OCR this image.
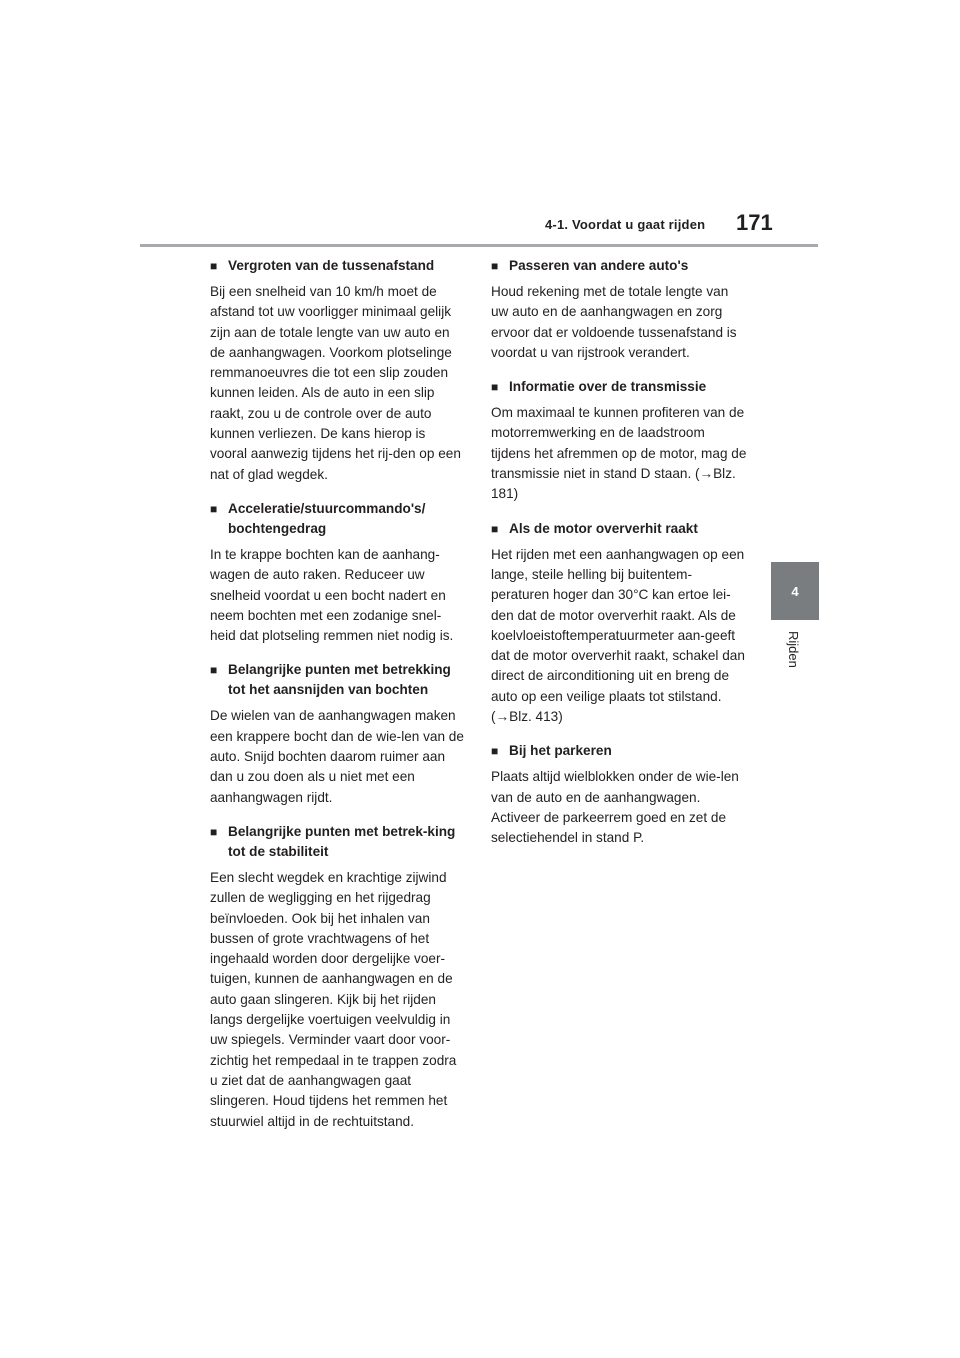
4-1. Voordat u gaat rijden 171
4
Rijden
■ Vergroten van de tussenafstand

Bij een snelheid van 10 km/h moet de afstand tot uw voorligger minimaal gelijk zijn aan de totale lengte van uw auto en de aanhangwagen. Voorkom plotselinge remmanoeuvres die tot een slip zouden kunnen leiden. Als de auto in een slip raakt, zou u de controle over de auto kunnen verliezen. De kans hierop is vooral aanwezig tijdens het rij-den op een nat of glad wegdek.

■ Acceleratie/stuurcommando's/ bochtengedrag

In te krappe bochten kan de aanhang-wagen de auto raken. Reduceer uw snelheid voordat u een bocht nadert en neem bochten met een zodanige snel-heid dat plotseling remmen niet nodig is.

■ Belangrijke punten met betrekking tot het aansnijden van bochten

De wielen van de aanhangwagen maken een krappere bocht dan de wie-len van de auto. Snijd bochten daarom ruimer aan dan u zou doen als u niet met een aanhangwagen rijdt.

■ Belangrijke punten met betrek-king tot de stabiliteit

Een slecht wegdek en krachtige zijwind zullen de wegligging en het rijgedrag beïnvloeden. Ook bij het inhalen van bussen of grote vrachtwagens of het ingehaald worden door dergelijke voer-tuigen, kunnen de aanhangwagen en de auto gaan slingeren. Kijk bij het rijden langs dergelijke voertuigen veelvuldig in uw spiegels. Verminder vaart door voor-zichtig het rempedaal in te trappen zodra u ziet dat de aanhangwagen gaat slingeren. Houd tijdens het remmen het stuurwiel altijd in de rechtuitstand.

■ Passeren van andere auto's

Houd rekening met de totale lengte van uw auto en de aanhangwagen en zorg ervoor dat er voldoende tussenafstand is voordat u van rijstrook verandert.

■ Informatie over de transmissie

Om maximaal te kunnen profiteren van de motorremwerking en de laadstroom tijdens het afremmen op de motor, mag de transmissie niet in stand D staan. (→Blz. 181)

■ Als de motor oververhit raakt

Het rijden met een aanhangwagen op een lange, steile helling bij buitentem-peraturen hoger dan 30°C kan ertoe lei-den dat de motor oververhit raakt. Als de koelvloeistoftemperatuurmeter aan-geeft dat de motor oververhit raakt, schakel dan direct de airconditioning uit en breng de auto op een veilige plaats tot stilstand. (→Blz. 413)

■ Bij het parkeren

Plaats altijd wielblokken onder de wie-len van de auto en de aanhangwagen. Activeer de parkeerrem goed en zet de selectiehendel in stand P.
